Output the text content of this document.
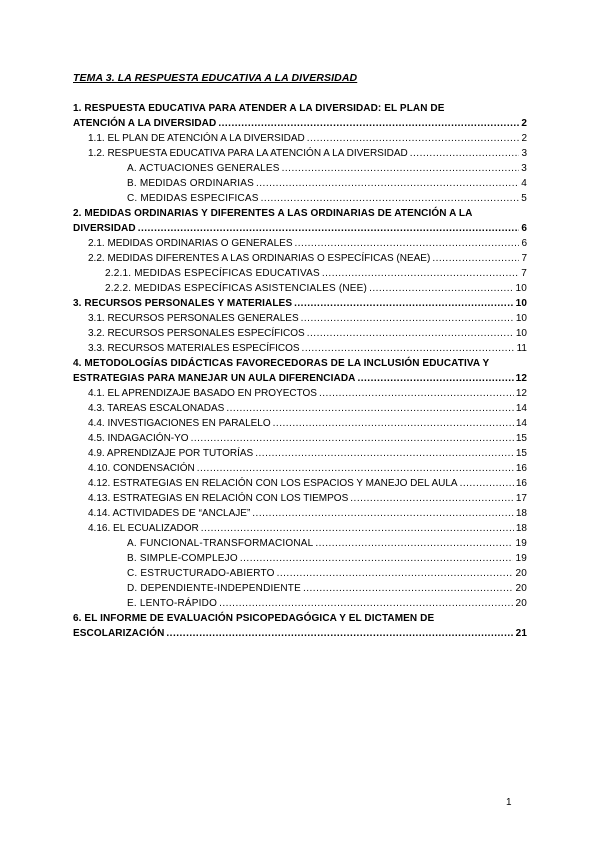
TEMA 3. LA RESPUESTA EDUCATIVA A LA DIVERSIDAD
1. RESPUESTA EDUCATIVA PARA ATENDER A LA DIVERSIDAD: EL PLAN DE
ATENCIÓN A LA DIVERSIDAD .....	2
1.1. EL PLAN DE ATENCIÓN A LA DIVERSIDAD .....	2
1.2. RESPUESTA EDUCATIVA PARA LA ATENCIÓN A LA DIVERSIDAD .....	3
A. ACTUACIONES GENERALES .....	3
B. MEDIDAS ORDINARIAS .....	4
C. MEDIDAS ESPECIFICAS .....	5
2. MEDIDAS ORDINARIAS Y DIFERENTES A LAS ORDINARIAS DE ATENCIÓN A LA
DIVERSIDAD .....	6
2.1. MEDIDAS ORDINARIAS O GENERALES .....	6
2.2. MEDIDAS DIFERENTES A LAS ORDINARIAS O ESPECÍFICAS (NEAE) .....	7
2.2.1. MEDIDAS ESPECÍFICAS EDUCATIVAS .....	7
2.2.2. MEDIDAS ESPECÍFICAS ASISTENCIALES (NEE) .....	10
3. RECURSOS PERSONALES Y MATERIALES .....	10
3.1. RECURSOS PERSONALES GENERALES .....	10
3.2. RECURSOS PERSONALES ESPECÍFICOS .....	10
3.3. RECURSOS MATERIALES ESPECÍFICOS .....	11
4. METODOLOGÍAS DIDÁCTICAS FAVORECEDORAS DE LA INCLUSIÓN EDUCATIVA Y
ESTRATEGIAS PARA MANEJAR UN AULA DIFERENCIADA .....	12
4.1. EL APRENDIZAJE BASADO EN PROYECTOS .....	12
4.3. TAREAS ESCALONADAS .....	14
4.4. INVESTIGACIONES EN PARALELO .....	14
4.5. INDAGACIÓN-YO .....	15
4.9. APRENDIZAJE POR TUTORÍAS .....	15
4.10. CONDENSACIÓN .....	16
4.12. ESTRATEGIAS EN RELACIÓN CON LOS ESPACIOS Y MANEJO DEL AULA .....	16
4.13. ESTRATEGIAS EN RELACIÓN CON LOS TIEMPOS .....	17
4.14. ACTIVIDADES DE “ANCLAJE” .....	18
4.16. EL ECUALIZADOR .....	18
A. FUNCIONAL-TRANSFORMACIONAL .....	19
B. SIMPLE-COMPLEJO .....	19
C. ESTRUCTURADO-ABIERTO .....	20
D. DEPENDIENTE-INDEPENDIENTE .....	20
E. LENTO-RÁPIDO .....	20
6. EL INFORME DE EVALUACIÓN PSICOPEDAGÓGICA Y EL DICTAMEN DE
ESCOLARIZACIÓN .....	21
1
